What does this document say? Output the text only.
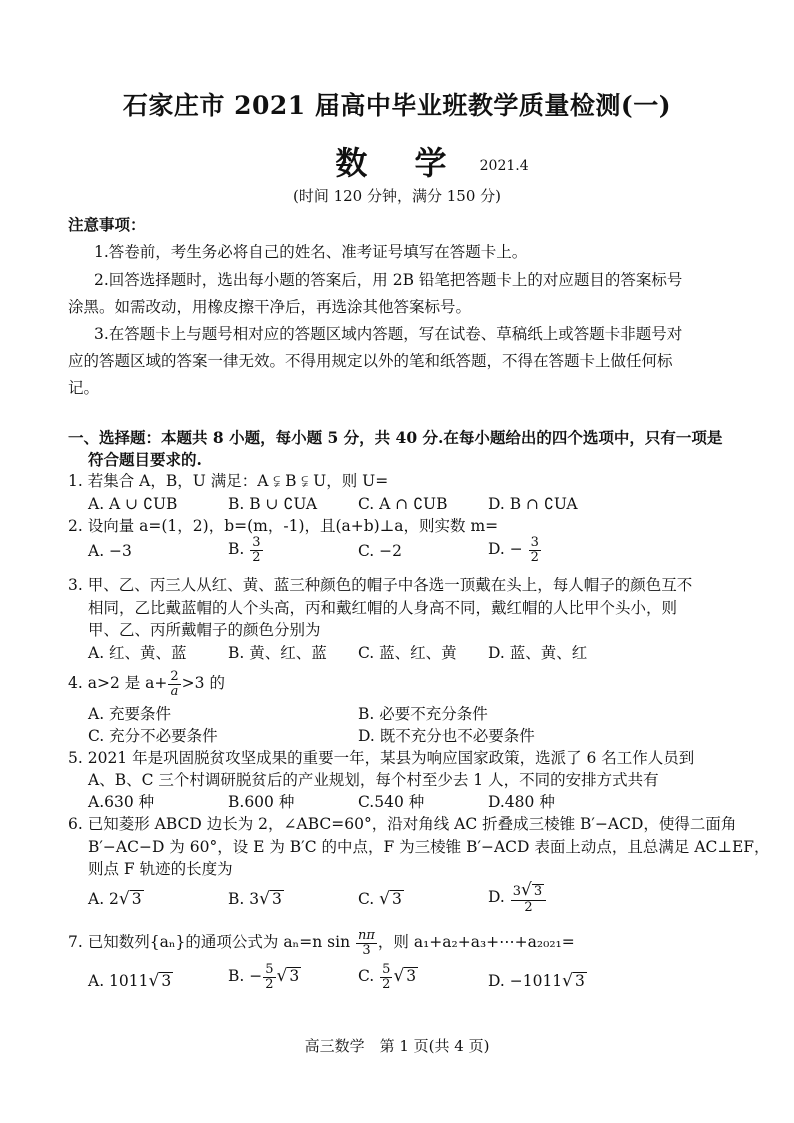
石家庄市 2021 届高中毕业班教学质量检测(一)
数 学 2021.4
(时间 120 分钟，满分 150 分)
注意事项：
1.答卷前，考生务必将自己的姓名、准考证号填写在答题卡上。
2.回答选择题时，选出每小题的答案后，用 2B 铅笔把答题卡上的对应题目的答案标号
涂黑。如需改动，用橡皮擦干净后，再选涂其他答案标号。
3.在答题卡上与题号相对应的答题区域内答题，写在试卷、草稿纸上或答题卡非题号对
应的答题区域的答案一律无效。不得用规定以外的笔和纸答题，不得在答题卡上做任何标
记。
一、选择题：本题共 8 小题，每小题 5 分，共 40 分.在每小题给出的四个选项中，只有一项是
符合题目要求的.
1. 若集合 A，B，U 满足：A ⫋ B ⫋ U，则 U=
A. A ∪ ∁UB	B. B ∪ ∁UA	C. A ∩ ∁UB	D. B ∩ ∁UA
2. 设向量 a=(1，2)，b=(m，-1)，且(a+b)⊥a，则实数 m=
A. −3	B. $\frac{3}{2}$	C. −2	D. − $\frac{3}{2}$
3. 甲、乙、丙三人从红、黄、蓝三种颜色的帽子中各选一顶戴在头上，每人帽子的颜色互不
相同，乙比戴蓝帽的人个头高，丙和戴红帽的人身高不同，戴红帽的人比甲个头小，则
甲、乙、丙所戴帽子的颜色分别为
A. 红、黄、蓝	B. 黄、红、蓝 C. 蓝、红、黄 D. 蓝、黄、红
4. a>2 是 $a+ \frac{2}{a} >3$ 的
A. 充要条件	B. 必要不充分条件
C. 充分不必要条件	D. 既不充分也不必要条件
5. 2021 年是巩固脱贫攻坚成果的重要一年，某县为响应国家政策，选派了 6 名工作人员到
A、B、C 三个村调研脱贫后的产业规划，每个村至少去 1 人，不同的安排方式共有
A.630 种	B.600 种	C.540 种	D.480 种
6. 已知菱形 ABCD 边长为 2，∠ABC=60°，沿对角线 AC 折叠成三棱锥 B′−ACD，使得二面角
B′−AC−D 为 60°，设 E 为 B′C 的中点，F 为三棱锥 B′−ACD 表面上动点，且总满足 AC⊥EF，
则点 F 轨迹的长度为
A. 2 √ 3	B. 3 √ 3	C. √ 3	D. $\frac{3 √ 3}{2}$
7. 已知数列{aₙ}的通项公式为 aₙ=n $\sin \frac{n\pi}{3}$ ，则 a₁+a₂+a₃+⋯+a₂₀₂₁=
A. 1011 √ 3	B. − $\frac{5}{2}$ √ 3	C. $\frac{5}{2}$ √ 3	D. −1011 √ 3
高三数学　第 1 页(共 4 页)
